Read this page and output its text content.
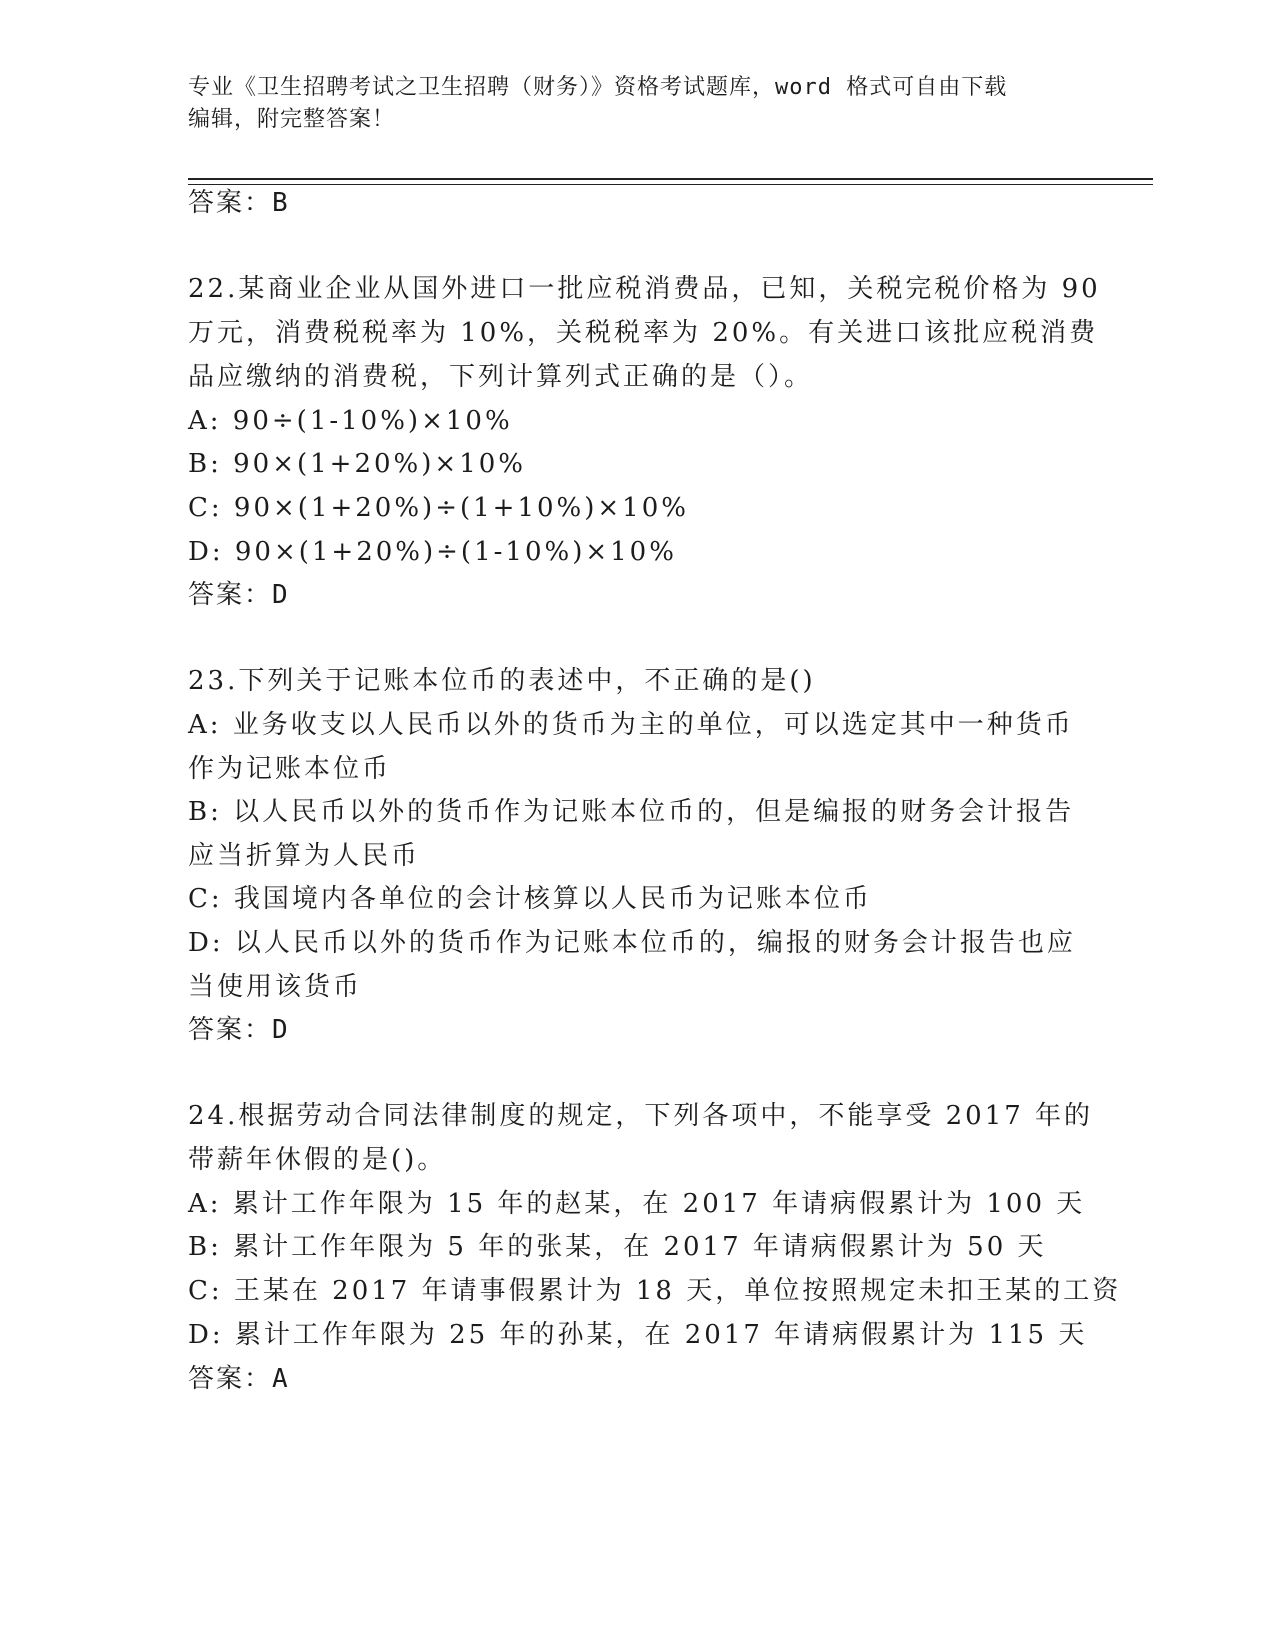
专业《卫生招聘考试之卫生招聘（财务）》资格考试题库，word 格式可自由下载
编辑，附完整答案！
答案：B
22.某商业企业从国外进口一批应税消费品，已知，关税完税价格为 90
万元，消费税税率为 10%，关税税率为 20%。有关进口该批应税消费
品应缴纳的消费税，下列计算列式正确的是（）。
A: 90÷(1-10%)×10%
B: 90×(1+20%)×10%
C: 90×(1+20%)÷(1+10%)×10%
D: 90×(1+20%)÷(1-10%)×10%
答案：D
23.下列关于记账本位币的表述中，不正确的是()
A: 业务收支以人民币以外的货币为主的单位，可以选定其中一种货币
作为记账本位币
B: 以人民币以外的货币作为记账本位币的，但是编报的财务会计报告
应当折算为人民币
C: 我国境内各单位的会计核算以人民币为记账本位币
D: 以人民币以外的货币作为记账本位币的，编报的财务会计报告也应
当使用该货币
答案：D
24.根据劳动合同法律制度的规定，下列各项中，不能享受 2017 年的
带薪年休假的是()。
A: 累计工作年限为 15 年的赵某，在 2017 年请病假累计为 100 天
B: 累计工作年限为 5 年的张某，在 2017 年请病假累计为 50 天
C: 王某在 2017 年请事假累计为 18 天，单位按照规定未扣王某的工资
D: 累计工作年限为 25 年的孙某，在 2017 年请病假累计为 115 天
答案：A
